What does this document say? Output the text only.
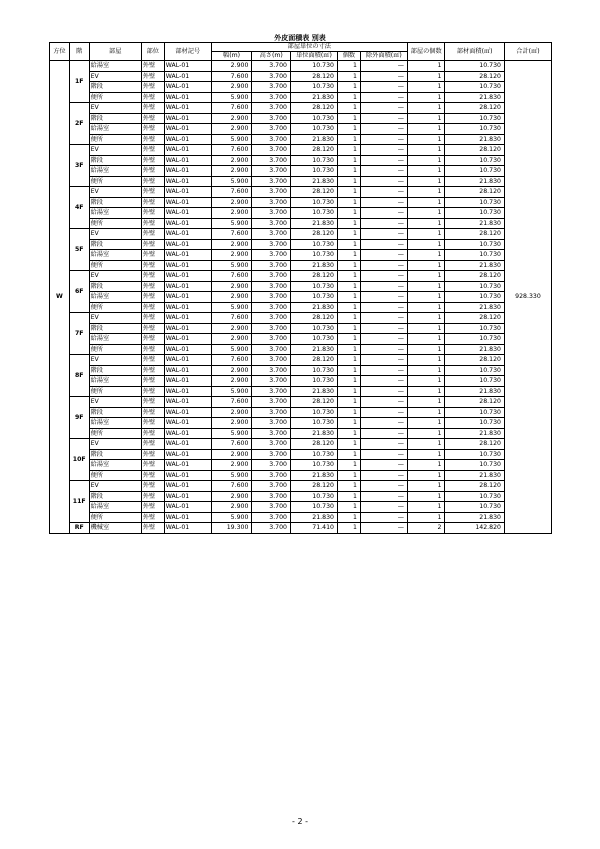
外皮面積表 別表
方位	階	部屋	部位	部材記号	部屋単位の寸法					部屋の個数	部材面積(㎡)	合計(㎡)
					幅(m)	高さ(m)	単位面積(㎡)	個数	除外面積(㎡)			
W	1F	給湯室	外壁	WAL-01	2.900	3.700	10.730	1	—	1	10.730	928.330
		EV	外壁	WAL-01	7.600	3.700	28.120	1	—	1	28.120	
		階段	外壁	WAL-01	2.900	3.700	10.730	1	—	1	10.730	
		便所	外壁	WAL-01	5.900	3.700	21.830	1	—	1	21.830	
	2F	EV	外壁	WAL-01	7.600	3.700	28.120	1	—	1	28.120	
		階段	外壁	WAL-01	2.900	3.700	10.730	1	—	1	10.730	
		給湯室	外壁	WAL-01	2.900	3.700	10.730	1	—	1	10.730	
		便所	外壁	WAL-01	5.900	3.700	21.830	1	—	1	21.830	
	3F	EV	外壁	WAL-01	7.600	3.700	28.120	1	—	1	28.120	
		階段	外壁	WAL-01	2.900	3.700	10.730	1	—	1	10.730	
		給湯室	外壁	WAL-01	2.900	3.700	10.730	1	—	1	10.730	
		便所	外壁	WAL-01	5.900	3.700	21.830	1	—	1	21.830	
	4F	EV	外壁	WAL-01	7.600	3.700	28.120	1	—	1	28.120	
		階段	外壁	WAL-01	2.900	3.700	10.730	1	—	1	10.730	
		給湯室	外壁	WAL-01	2.900	3.700	10.730	1	—	1	10.730	
		便所	外壁	WAL-01	5.900	3.700	21.830	1	—	1	21.830	
	5F	EV	外壁	WAL-01	7.600	3.700	28.120	1	—	1	28.120	
		階段	外壁	WAL-01	2.900	3.700	10.730	1	—	1	10.730	
		給湯室	外壁	WAL-01	2.900	3.700	10.730	1	—	1	10.730	
		便所	外壁	WAL-01	5.900	3.700	21.830	1	—	1	21.830	
	6F	EV	外壁	WAL-01	7.600	3.700	28.120	1	—	1	28.120	
		階段	外壁	WAL-01	2.900	3.700	10.730	1	—	1	10.730	
		給湯室	外壁	WAL-01	2.900	3.700	10.730	1	—	1	10.730	
		便所	外壁	WAL-01	5.900	3.700	21.830	1	—	1	21.830	
	7F	EV	外壁	WAL-01	7.600	3.700	28.120	1	—	1	28.120	
		階段	外壁	WAL-01	2.900	3.700	10.730	1	—	1	10.730	
		給湯室	外壁	WAL-01	2.900	3.700	10.730	1	—	1	10.730	
		便所	外壁	WAL-01	5.900	3.700	21.830	1	—	1	21.830	
	8F	EV	外壁	WAL-01	7.600	3.700	28.120	1	—	1	28.120	
		階段	外壁	WAL-01	2.900	3.700	10.730	1	—	1	10.730	
		給湯室	外壁	WAL-01	2.900	3.700	10.730	1	—	1	10.730	
		便所	外壁	WAL-01	5.900	3.700	21.830	1	—	1	21.830	
	9F	EV	外壁	WAL-01	7.600	3.700	28.120	1	—	1	28.120	
		階段	外壁	WAL-01	2.900	3.700	10.730	1	—	1	10.730	
		給湯室	外壁	WAL-01	2.900	3.700	10.730	1	—	1	10.730	
		便所	外壁	WAL-01	5.900	3.700	21.830	1	—	1	21.830	
	10F	EV	外壁	WAL-01	7.600	3.700	28.120	1	—	1	28.120	
		階段	外壁	WAL-01	2.900	3.700	10.730	1	—	1	10.730	
		給湯室	外壁	WAL-01	2.900	3.700	10.730	1	—	1	10.730	
		便所	外壁	WAL-01	5.900	3.700	21.830	1	—	1	21.830	
	11F	EV	外壁	WAL-01	7.600	3.700	28.120	1	—	1	28.120	
		階段	外壁	WAL-01	2.900	3.700	10.730	1	—	1	10.730	
		給湯室	外壁	WAL-01	2.900	3.700	10.730	1	—	1	10.730	
		便所	外壁	WAL-01	5.900	3.700	21.830	1	—	1	21.830	
	RF	機械室	外壁	WAL-01	19.300	3.700	71.410	1	—	2	142.820	
- 2 -
